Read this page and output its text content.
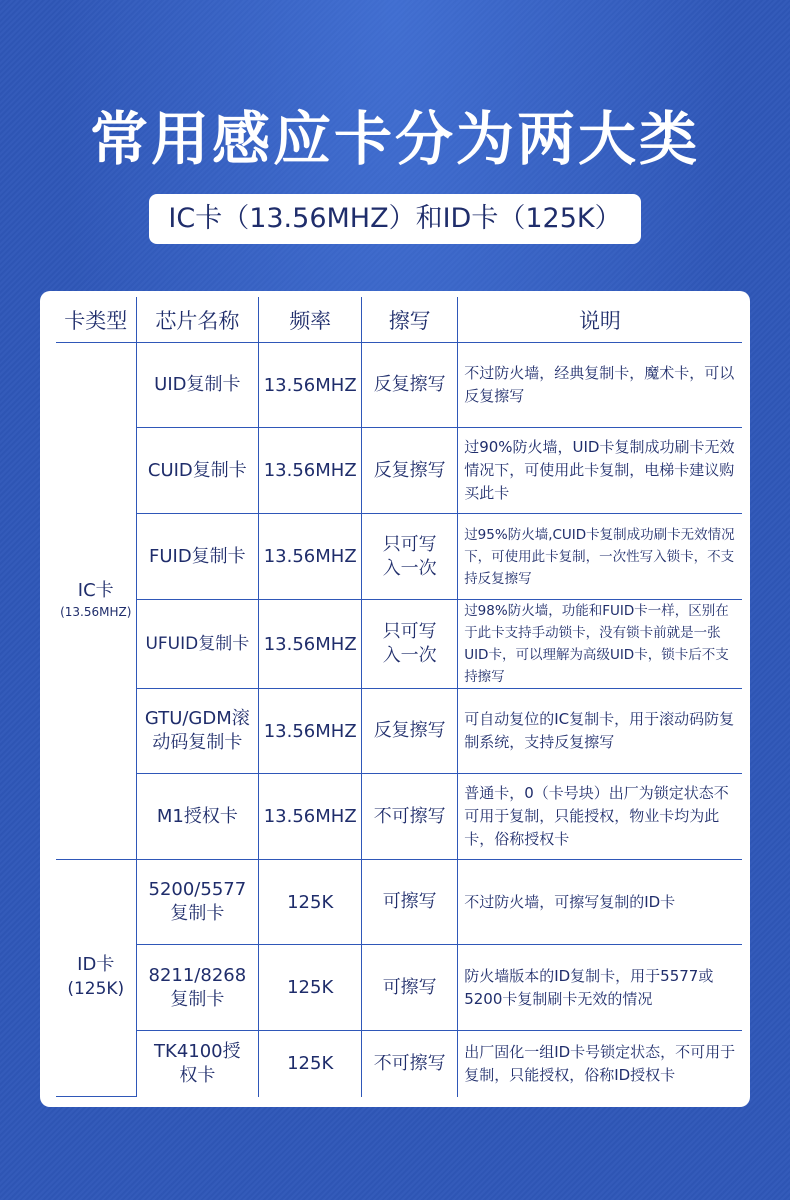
常用感应卡分为两大类
IC卡（13.56MHZ）和ID卡（125K）
卡类型	芯片名称	频率	擦写	说明
IC卡
(13.56MHZ)	UID复制卡	13.56MHZ	反复擦写	不过防火墙，经典复制卡，魔术卡，可以反复擦写
	CUID复制卡	13.56MHZ	反复擦写	过90%防火墙，UID卡复制成功刷卡无效情况下，可使用此卡复制，电梯卡建议购买此卡
	FUID复制卡	13.56MHZ	只可写入一次	过95%防火墙,CUID卡复制成功刷卡无效情况下，可使用此卡复制，一次性写入锁卡，不支持反复擦写
	UFUID复制卡	13.56MHZ	只可写入一次	过98%防火墙，功能和FUID卡一样，区别在于此卡支持手动锁卡，没有锁卡前就是一张UID卡，可以理解为高级UID卡，锁卡后不支持擦写
	GTU/GDM滚动码复制卡	13.56MHZ	反复擦写	可自动复位的IC复制卡，用于滚动码防复制系统，支持反复擦写
	M1授权卡	13.56MHZ	不可擦写	普通卡，0（卡号块）出厂为锁定状态不可用于复制，只能授权，物业卡均为此卡，俗称授权卡
ID卡
(125K)	5200/5577复制卡	125K	可擦写	不过防火墙，可擦写复制的ID卡
	8211/8268复制卡	125K	可擦写	防火墙版本的ID复制卡，用于5577或5200卡复制刷卡无效的情况
	TK4100授权卡	125K	不可擦写	出厂固化一组ID卡号锁定状态，不可用于复制，只能授权，俗称ID授权卡
